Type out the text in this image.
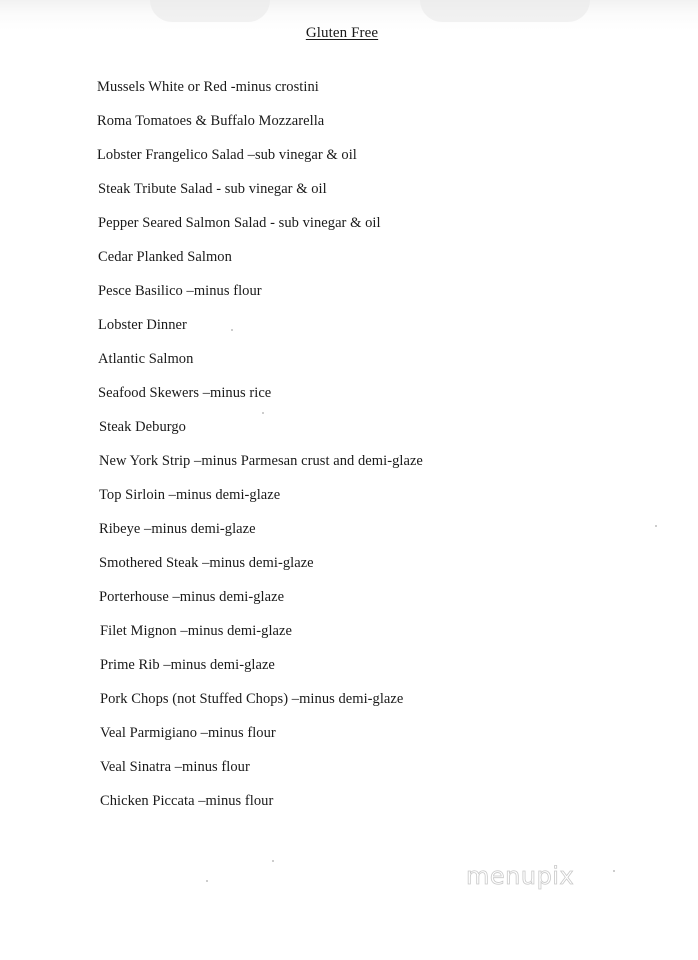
Gluten Free
Mussels White or Red -minus crostini
Roma Tomatoes & Buffalo Mozzarella
Lobster Frangelico Salad –sub vinegar & oil
Steak Tribute Salad - sub vinegar & oil
Pepper Seared Salmon Salad - sub vinegar & oil
Cedar Planked Salmon
Pesce Basilico –minus flour
Lobster Dinner
Atlantic Salmon
Seafood Skewers –minus rice
Steak Deburgo
New York Strip –minus Parmesan crust and demi-glaze
Top Sirloin –minus demi-glaze
Ribeye –minus demi-glaze
Smothered Steak –minus demi-glaze
Porterhouse –minus demi-glaze
Filet Mignon –minus demi-glaze
Prime Rib –minus demi-glaze
Pork Chops (not Stuffed Chops) –minus demi-glaze
Veal Parmigiano –minus flour
Veal Sinatra –minus flour
Chicken Piccata –minus flour
menupix
